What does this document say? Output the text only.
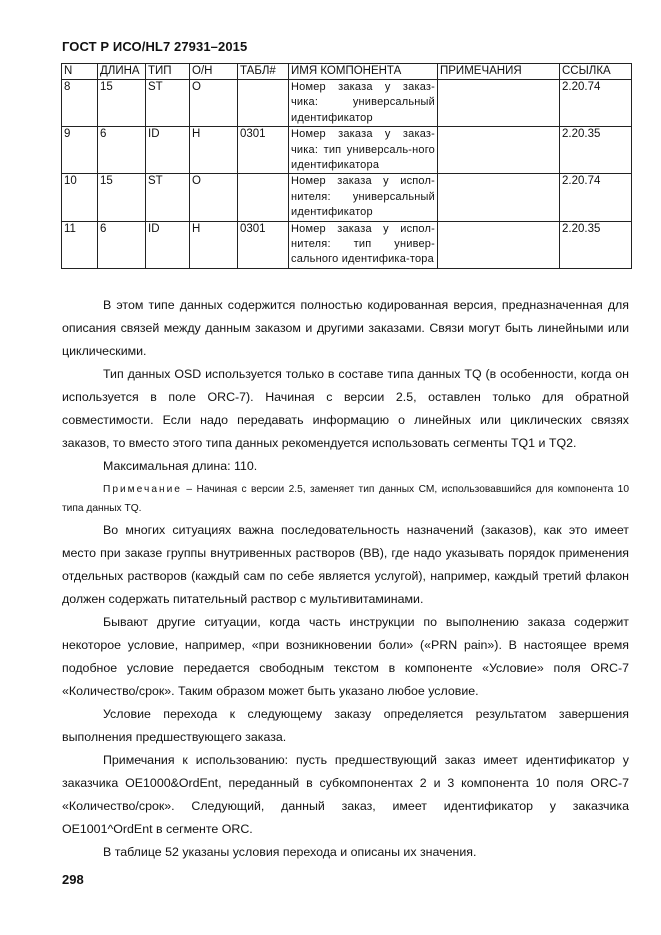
ГОСТ Р ИСО/HL7 27931–2015
N	ДЛИНА	ТИП	О/Н	ТАБЛ#	ИМЯ КОМПОНЕНТА	ПРИМЕЧАНИЯ	ССЫЛКА
8	15	ST	О		Номер заказа у заказ-чика: универсальный идентификатор		2.20.74
9	6	ID	Н	0301	Номер заказа у заказ-чика: тип универсаль-ного идентификатора		2.20.35
10	15	ST	О		Номер заказа у испол-нителя: универсальный идентификатор		2.20.74
11	6	ID	Н	0301	Номер заказа у испол-нителя: тип универ-сального идентифика-тора		2.20.35

В этом типе данных содержится полностью кодированная версия, предназначенная для описания связей между данным заказом и другими заказами. Связи могут быть линейными или циклическими.

Тип данных OSD используется только в составе типа данных TQ (в особенности, когда он используется в поле ORC-7). Начиная с версии 2.5, оставлен только для обратной совместимости. Если надо передавать информацию о линейных или циклических связях заказов, то вместо этого типа данных рекомендуется использовать сегменты TQ1 и TQ2.

Максимальная длина: 110.

Примечание – Начиная с версии 2.5, заменяет тип данных CM, использовавшийся для компонента 10 типа данных TQ.

Во многих ситуациях важна последовательность назначений (заказов), как это имеет место при заказе группы внутривенных растворов (ВВ), где надо указывать порядок применения отдельных растворов (каждый сам по себе является услугой), например, каждый третий флакон должен содержать питательный раствор с мультивитаминами.

Бывают другие ситуации, когда часть инструкции по выполнению заказа содержит некоторое условие, например, «при возникновении боли» («PRN pain»). В настоящее время подобное условие передается свободным текстом в компоненте «Условие» поля ORC-7 «Количество/срок». Таким образом может быть указано любое условие.

Условие перехода к следующему заказу определяется результатом завершения выполнения предшествующего заказа.

Примечания к использованию: пусть предшествующий заказ имеет идентификатор у заказчика OE1000&OrdEnt, переданный в субкомпонентах 2 и 3 компонента 10 поля ORC-7 «Количество/срок». Следующий, данный заказ, имеет идентификатор у заказчика OE1001^OrdEnt в сегменте ORC.

В таблице 52 указаны условия перехода и описаны их значения.

298
